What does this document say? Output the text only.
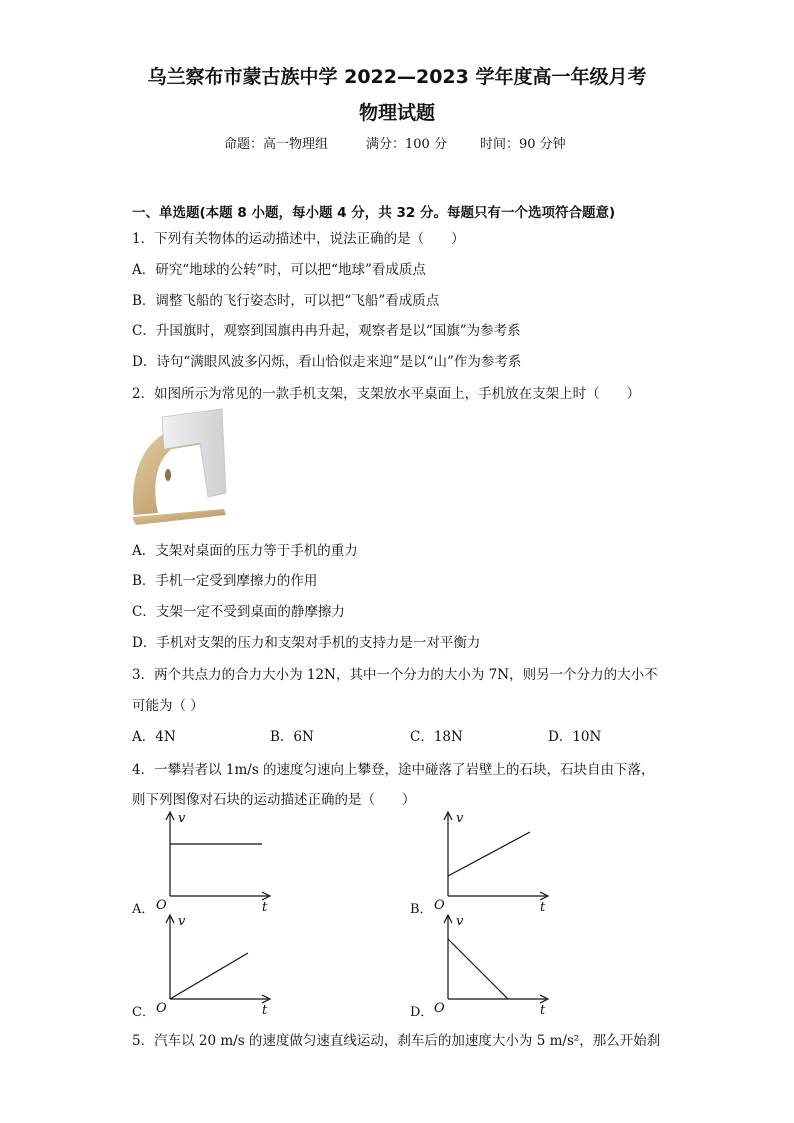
乌兰察布市蒙古族中学 2022—2023 学年度高一年级月考
物理试题
命题：高一物理组	满分：100 分	时间：90 分钟
一、单选题(本题 8 小题，每小题 4 分，共 32 分。每题只有一个选项符合题意)
1．下列有关物体的运动描述中，说法正确的是（　　）
A．研究“地球的公转”时，可以把“地球”看成质点
B．调整飞船的飞行姿态时，可以把“飞船”看成质点
C．升国旗时，观察到国旗冉冉升起，观察者是以“国旗”为参考系
D．诗句“满眼风波多闪烁，看山恰似走来迎”是以“山”作为参考系
2．如图所示为常见的一款手机支架，支架放水平桌面上，手机放在支架上时（　　）
A．支架对桌面的压力等于手机的重力
B．手机一定受到摩擦力的作用
C．支架一定不受到桌面的静摩擦力
D．手机对支架的压力和支架对手机的支持力是一对平衡力
3．两个共点力的合力大小为 12N，其中一个分力的大小为 7N，则另一个分力的大小不
可能为（ ）
A．4N	B．6N	C．18N	D．10N
4．一攀岩者以 1m/s 的速度匀速向上攀登，途中碰落了岩壁上的石块，石块自由下落，
则下列图像对石块的运动描述正确的是（　　）
A．
v
t
O	B．
v
t
O
C．
v
t
O	D．
v
t
O
5．汽车以 20 m/s 的速度做匀速直线运动，刹车后的加速度大小为 5 m/s²，那么开始刹
